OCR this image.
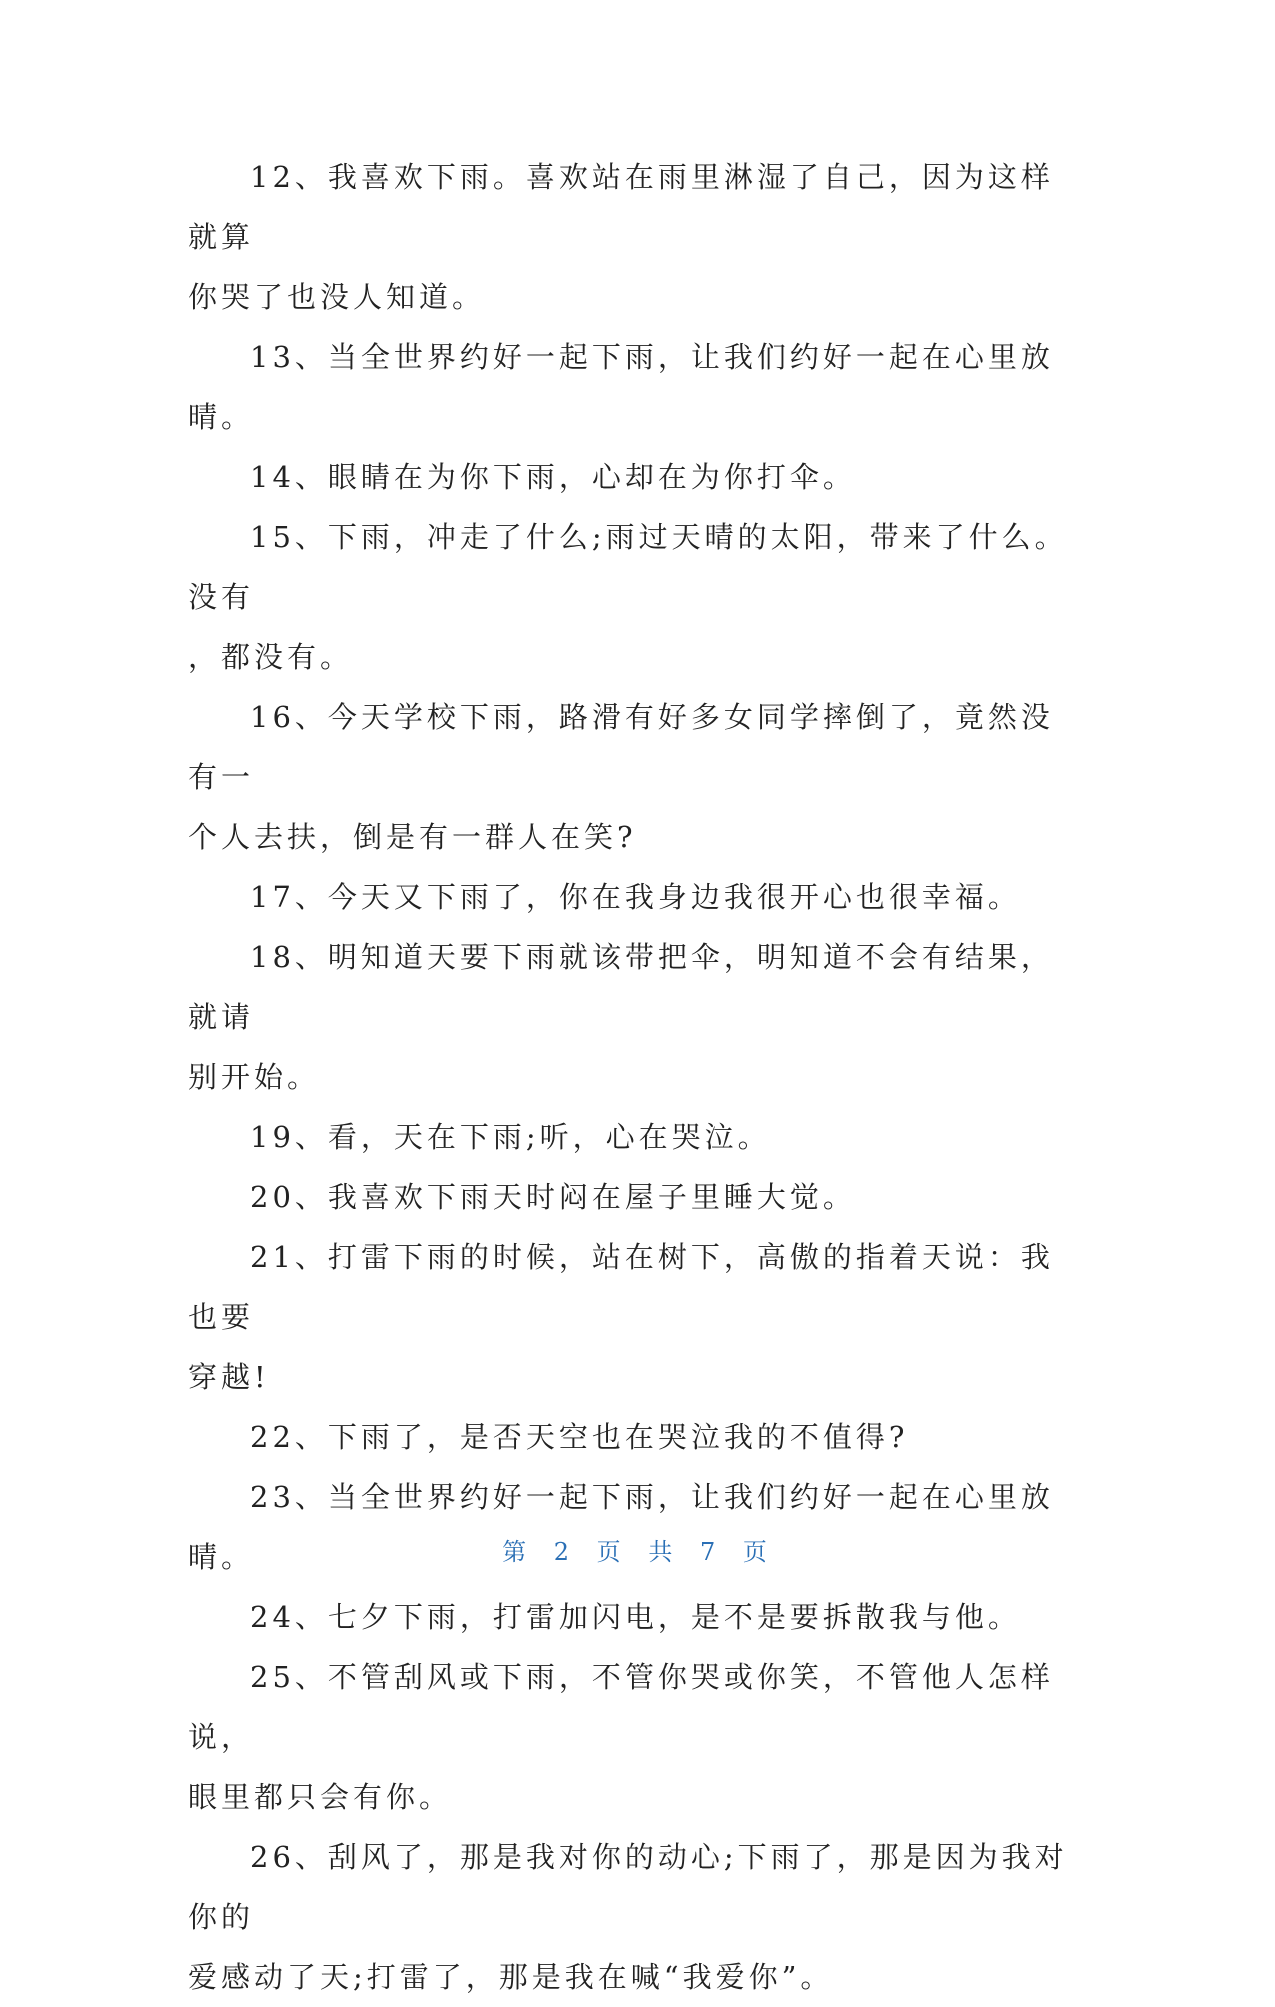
12、我喜欢下雨。喜欢站在雨里淋湿了自己，因为这样就算
你哭了也没人知道。

13、当全世界约好一起下雨，让我们约好一起在心里放晴。

14、眼睛在为你下雨，心却在为你打伞。

15、下雨，冲走了什么;雨过天晴的太阳，带来了什么。没有
，都没有。

16、今天学校下雨，路滑有好多女同学摔倒了，竟然没有一
个人去扶，倒是有一群人在笑?

17、今天又下雨了，你在我身边我很开心也很幸福。

18、明知道天要下雨就该带把伞，明知道不会有结果，就请
别开始。

19、看，天在下雨;听，心在哭泣。

20、我喜欢下雨天时闷在屋子里睡大觉。

21、打雷下雨的时候，站在树下，高傲的指着天说：我也要
穿越!

22、下雨了，是否天空也在哭泣我的不值得?

23、当全世界约好一起下雨，让我们约好一起在心里放晴。

24、七夕下雨，打雷加闪电，是不是要拆散我与他。

25、不管刮风或下雨，不管你哭或你笑，不管他人怎样说，
眼里都只会有你。

26、刮风了，那是我对你的动心;下雨了，那是因为我对你的
爱感动了天;打雷了，那是我在喊“我爱你”。

第 2 页 共 7 页
